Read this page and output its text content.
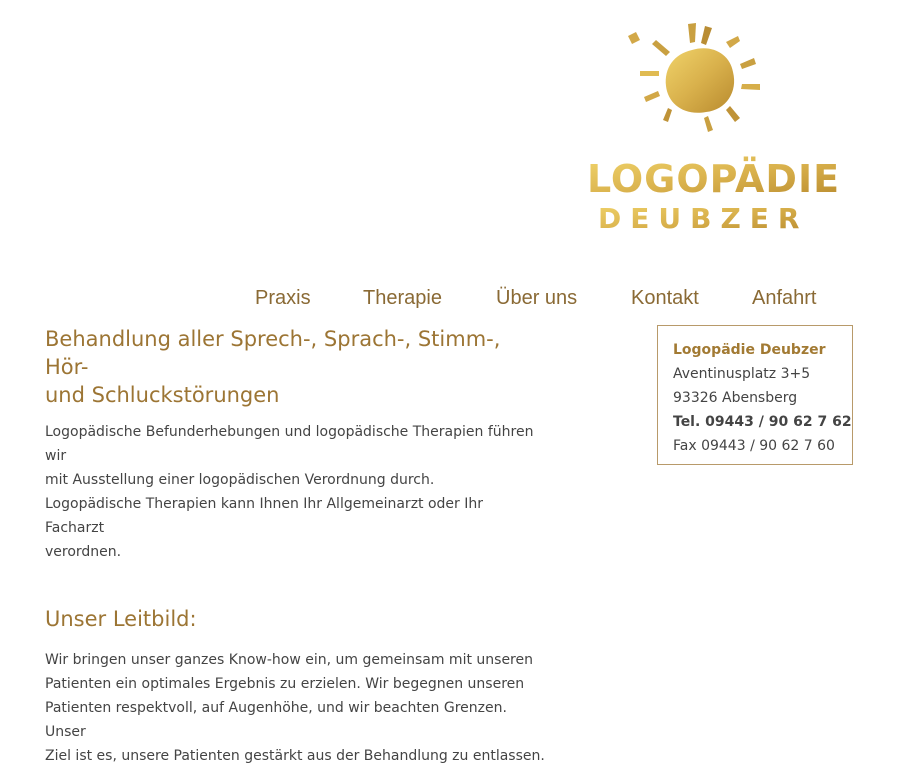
LOGOPÄDIE
DEUBZER
Praxis	Therapie	Über uns	Kontakt	Anfahrt
Behandlung aller Sprech-, Sprach-, Stimm-, Hör-
und Schluckstörungen

Logopädische Befunderhebungen und logopädische Therapien führen wir
mit Ausstellung einer logopädischen Verordnung durch.
Logopädische Therapien kann Ihnen Ihr Allgemeinarzt oder Ihr Facharzt
verordnen.

Unser Leitbild:

Wir bringen unser ganzes Know-how ein, um gemeinsam mit unseren
Patienten ein optimales Ergebnis zu erzielen. Wir begegnen unseren
Patienten respektvoll, auf Augenhöhe, und wir beachten Grenzen. Unser
Ziel ist es, unsere Patienten gestärkt aus der Behandlung zu entlassen.

Logopädie Deubzer
Aventinusplatz 3+5
93326 Abensberg
Tel. 09443 / 90 62 7 62
Fax 09443 / 90 62 7 60
